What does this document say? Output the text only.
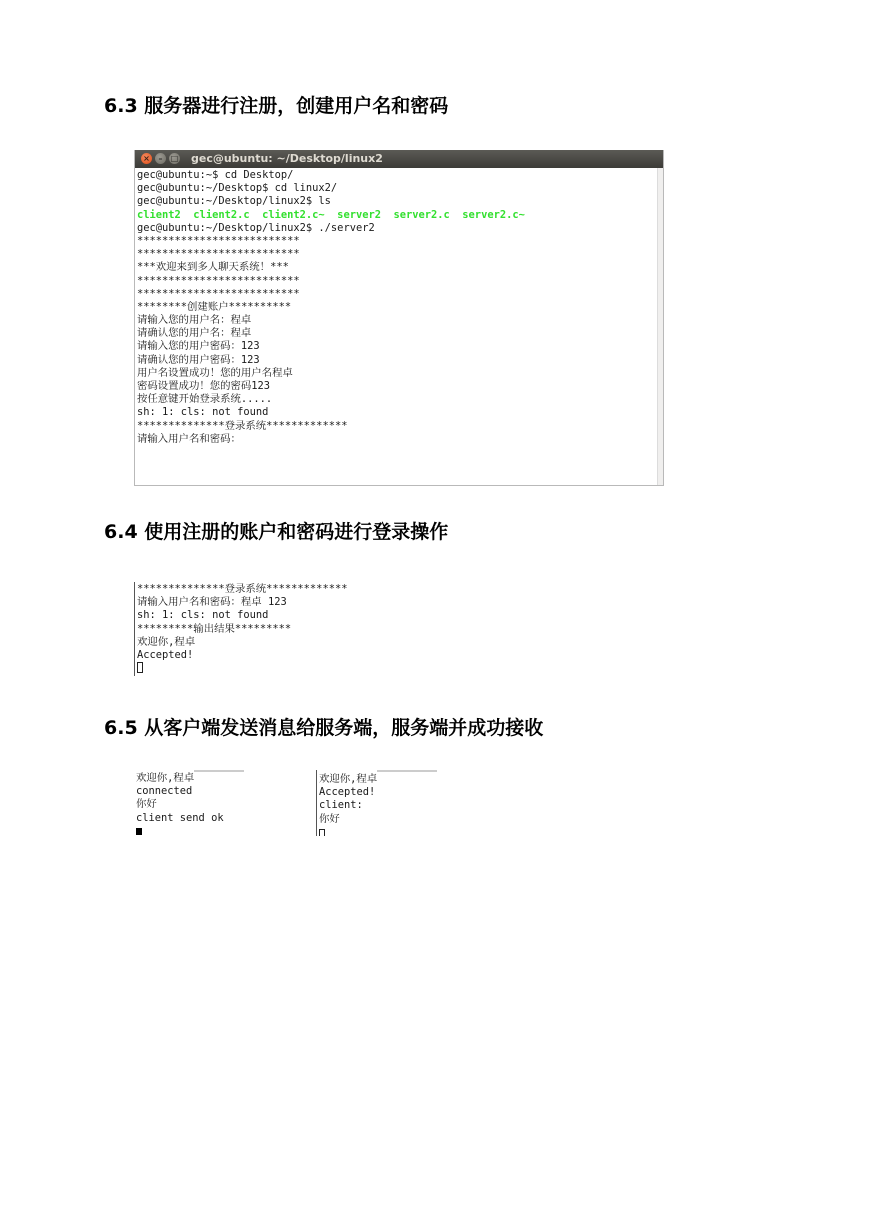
6.3 服务器进行注册，创建用户名和密码
×	–	□ gec@ubuntu: ~/Desktop/linux2
gec@ubuntu:~$ cd Desktop/
gec@ubuntu:~/Desktop$ cd linux2/
gec@ubuntu:~/Desktop/linux2$ ls
client2  client2.c  client2.c~  server2  server2.c  server2.c~
gec@ubuntu:~/Desktop/linux2$ ./server2
**************************
**************************
***欢迎来到多人聊天系统！***
**************************
**************************
********创建账户**********
请输入您的用户名：程卓
请确认您的用户名：程卓
请输入您的用户密码：123
请确认您的用户密码：123
用户名设置成功！您的用户名程卓
密码设置成功！您的密码123
按任意键开始登录系统.....
sh: 1: cls: not found
**************登录系统*************
请输入用户名和密码：
6.4 使用注册的账户和密码进行登录操作
**************登录系统*************
请输入用户名和密码：程卓 123
sh: 1: cls: not found
*********输出结果*********
欢迎你,程卓
Accepted!
6.5 从客户端发送消息给服务端，服务端并成功接收
欢迎你,程卓
connected
你好
client send ok
欢迎你,程卓
Accepted!
client:
你好
